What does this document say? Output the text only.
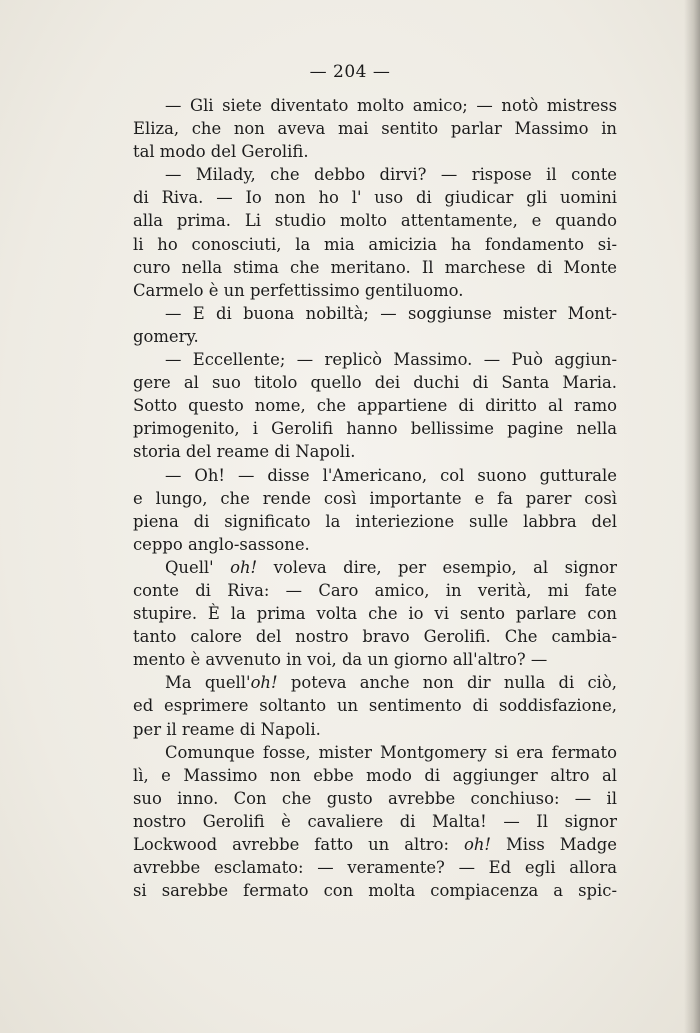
— 204 —
— Gli siete diventato molto amico; — notò mistress
Eliza, che non aveva mai sentito parlar Massimo in
tal modo del Gerolifi.
— Milady, che debbo dirvi? — rispose il conte
di Riva. — Io non ho l' uso di giudicar gli uomini
alla prima. Li studio molto attentamente, e quando
li ho conosciuti, la mia amicizia ha fondamento si-
curo nella stima che meritano. Il marchese di Monte
Carmelo è un perfettissimo gentiluomo.
— E di buona nobiltà; — soggiunse mister Mont-
gomery.
— Eccellente; — replicò Massimo. — Può aggiun-
gere al suo titolo quello dei duchi di Santa Maria.
Sotto questo nome, che appartiene di diritto al ramo
primogenito, i Gerolifi hanno bellissime pagine nella
storia del reame di Napoli.
— Oh! — disse l'Americano, col suono gutturale
e lungo, che rende così importante e fa parer così
piena di significato la interiezione sulle labbra del
ceppo anglo-sassone.
Quell' oh! voleva dire, per esempio, al signor
conte di Riva: — Caro amico, in verità, mi fate
stupire. È la prima volta che io vi sento parlare con
tanto calore del nostro bravo Gerolifi. Che cambia-
mento è avvenuto in voi, da un giorno all'altro? —
Ma quell'oh! poteva anche non dir nulla di ciò,
ed esprimere soltanto un sentimento di soddisfazione,
per il reame di Napoli.
Comunque fosse, mister Montgomery si era fermato
lì, e Massimo non ebbe modo di aggiunger altro al
suo inno. Con che gusto avrebbe conchiuso: — il
nostro Gerolifi è cavaliere di Malta! — Il signor
Lockwood avrebbe fatto un altro: oh! Miss Madge
avrebbe esclamato: — veramente? — Ed egli allora
si sarebbe fermato con molta compiacenza a spic-
